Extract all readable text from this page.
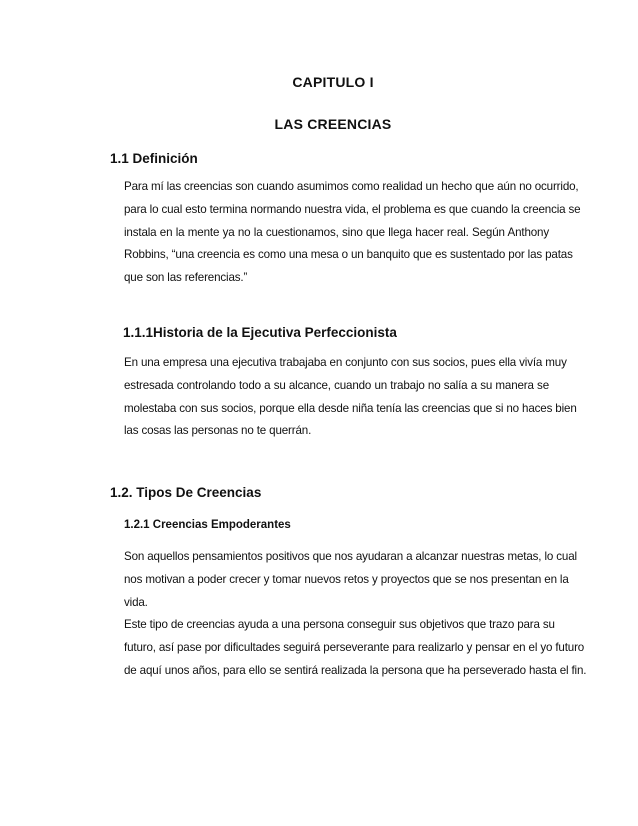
CAPITULO I
LAS CREENCIAS
1.1 Definición
Para mí las creencias son cuando asumimos como realidad un hecho que aún no ocurrido,
para lo cual esto termina normando nuestra vida, el problema es que cuando la creencia se
instala en la mente ya no la cuestionamos, sino que llega hacer real. Según Anthony
Robbins, “una creencia es como una mesa o un banquito que es sustentado por las patas
que son las referencias.”
1.1.1Historia de la Ejecutiva Perfeccionista
En una empresa una ejecutiva trabajaba en conjunto con sus socios, pues ella vivía muy
estresada controlando todo a su alcance, cuando un trabajo no salía a su manera se
molestaba con sus socios, porque ella desde niña tenía las creencias que si no haces bien
las cosas las personas no te querrán.
1.2. Tipos De Creencias
1.2.1 Creencias Empoderantes
Son aquellos pensamientos positivos que nos ayudaran a alcanzar nuestras metas, lo cual
nos motivan a poder crecer y tomar nuevos retos y proyectos que se nos presentan en la
vida.
Este tipo de creencias ayuda a una persona conseguir sus objetivos que trazo para su
futuro, así pase por dificultades seguirá perseverante para realizarlo y pensar en el yo futuro
de aquí unos años, para ello se sentirá realizada la persona que ha perseverado hasta el fin.
